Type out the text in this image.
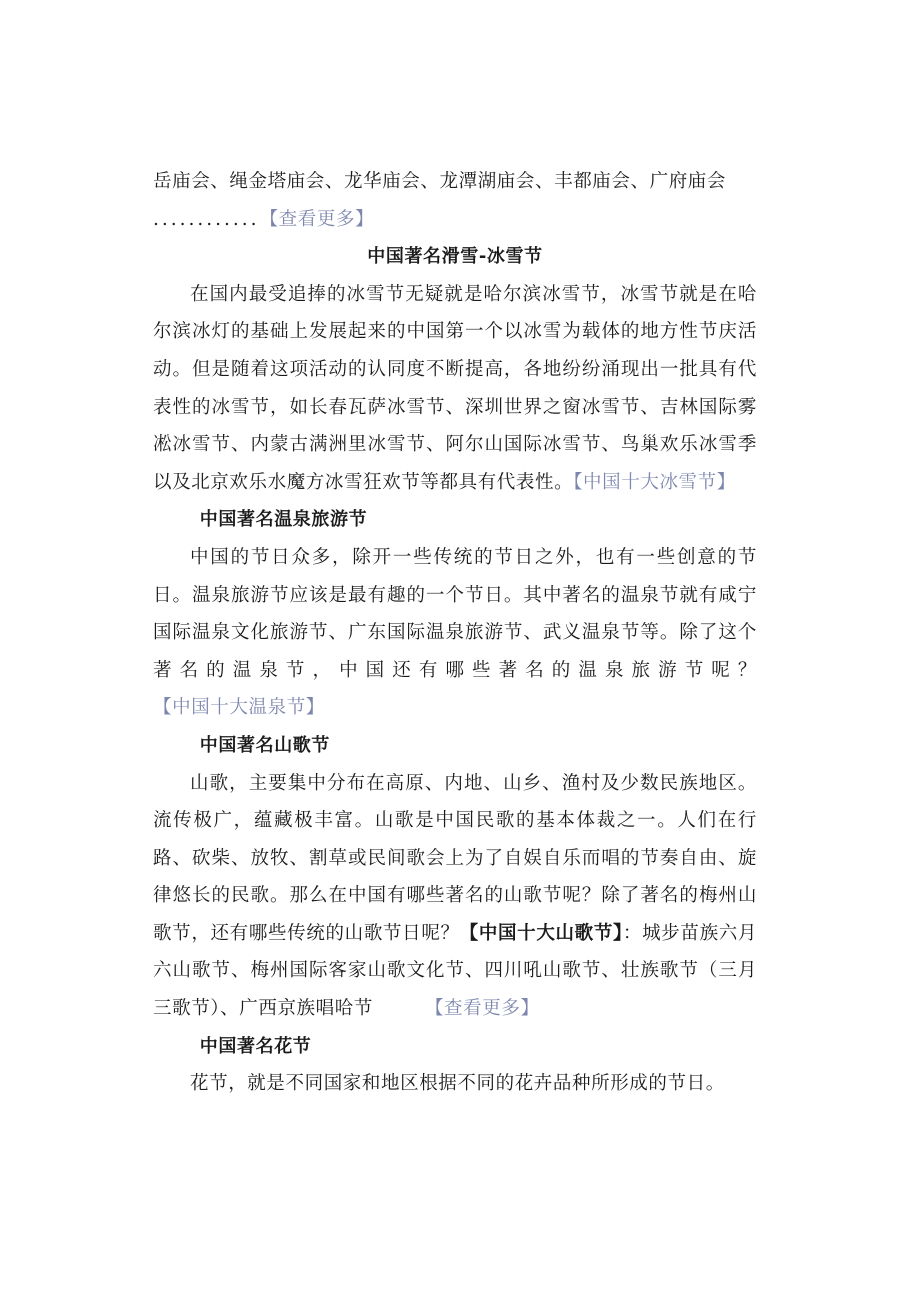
岳庙会、绳金塔庙会、龙华庙会、龙潭湖庙会、丰都庙会、广府庙会
............【查看更多】

中国著名滑雪-冰雪节

在国内最受追捧的冰雪节无疑就是哈尔滨冰雪节，冰雪节就是在哈尔滨冰灯的基础上发展起来的中国第一个以冰雪为载体的地方性节庆活动。但是随着这项活动的认同度不断提高，各地纷纷涌现出一批具有代表性的冰雪节，如长春瓦萨冰雪节、深圳世界之窗冰雪节、吉林国际雾凇冰雪节、内蒙古满洲里冰雪节、阿尔山国际冰雪节、鸟巢欢乐冰雪季以及北京欢乐水魔方冰雪狂欢节等都具有代表性。【中国十大冰雪节】

中国著名温泉旅游节

中国的节日众多，除开一些传统的节日之外，也有一些创意的节日。温泉旅游节应该是最有趣的一个节日。其中著名的温泉节就有咸宁国际温泉文化旅游节、广东国际温泉旅游节、武义温泉节等。除了这个著名的温泉节，中国还有哪些著名的温泉旅游节呢？【中国十大温泉节】

中国著名山歌节

山歌，主要集中分布在高原、内地、山乡、渔村及少数民族地区。流传极广，蕴藏极丰富。山歌是中国民歌的基本体裁之一。人们在行路、砍柴、放牧、割草或民间歌会上为了自娱自乐而唱的节奏自由、旋律悠长的民歌。那么在中国有哪些著名的山歌节呢？除了著名的梅州山歌节，还有哪些传统的山歌节日呢？【中国十大山歌节】：城步苗族六月六山歌节、梅州国际客家山歌文化节、四川吼山歌节、壮族歌节（三月三歌节）、广西京族唱哈节	【查看更多】

中国著名花节

花节，就是不同国家和地区根据不同的花卉品种所形成的节日。
